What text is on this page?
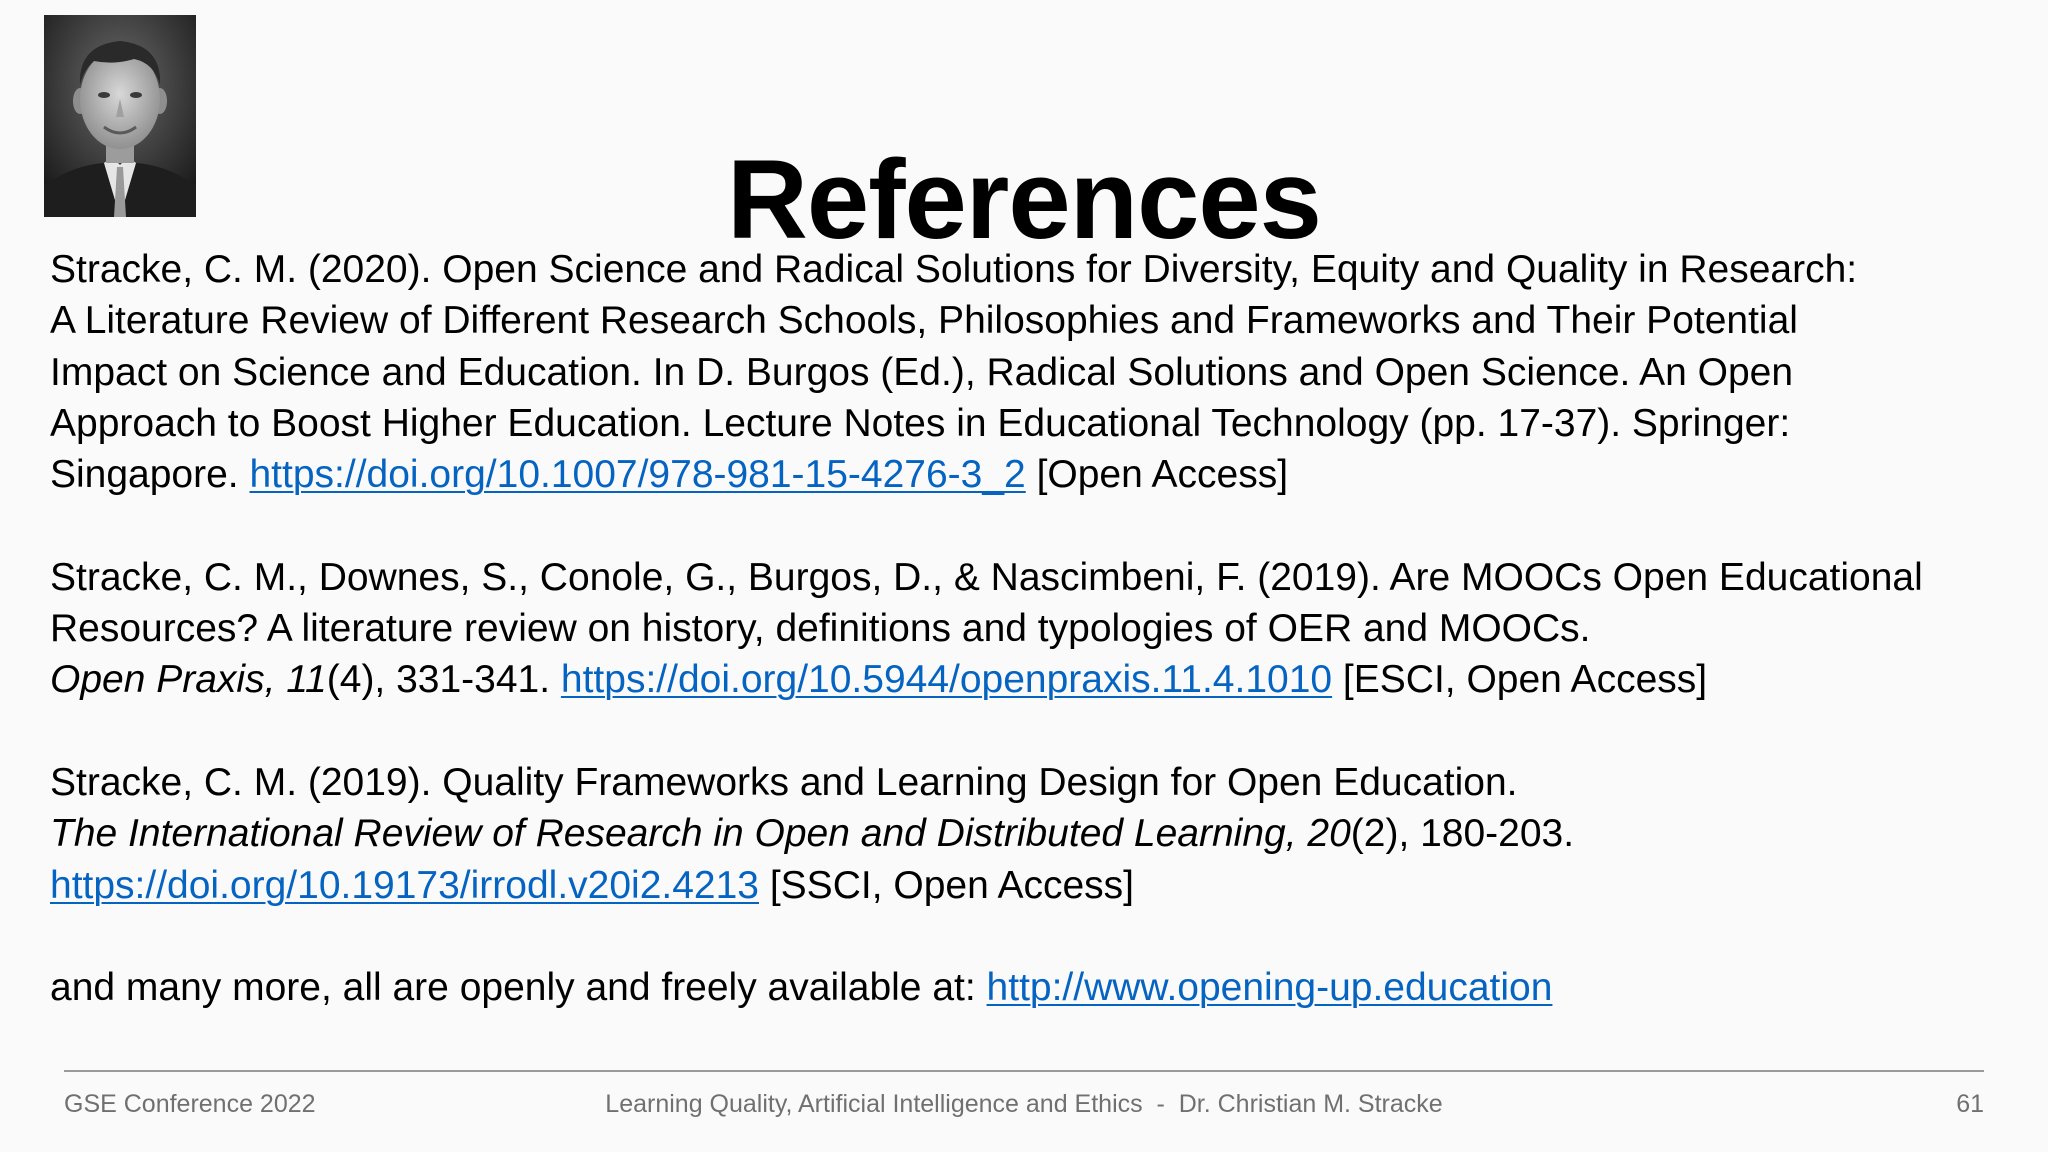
References

Stracke, C. M. (2020). Open Science and Radical Solutions for Diversity, Equity and Quality in Research:
A Literature Review of Different Research Schools, Philosophies and Frameworks and Their Potential
Impact on Science and Education. In D. Burgos (Ed.), Radical Solutions and Open Science. An Open
Approach to Boost Higher Education. Lecture Notes in Educational Technology (pp. 17-37). Springer:
Singapore. https://doi.org/10.1007/978-981-15-4276-3_2 [Open Access]

Stracke, C. M., Downes, S., Conole, G., Burgos, D., & Nascimbeni, F. (2019). Are MOOCs Open Educational
Resources? A literature review on history, definitions and typologies of OER and MOOCs.
Open Praxis, 11(4), 331-341. https://doi.org/10.5944/openpraxis.11.4.1010 [ESCI, Open Access]

Stracke, C. M. (2019). Quality Frameworks and Learning Design for Open Education.
The International Review of Research in Open and Distributed Learning, 20(2), 180-203.
https://doi.org/10.19173/irrodl.v20i2.4213 [SSCI, Open Access]

and many more, all are openly and freely available at: http://www.opening-up.education

GSE Conference 2022	Learning Quality, Artificial Intelligence and Ethics  -  Dr. Christian M. Stracke	61
